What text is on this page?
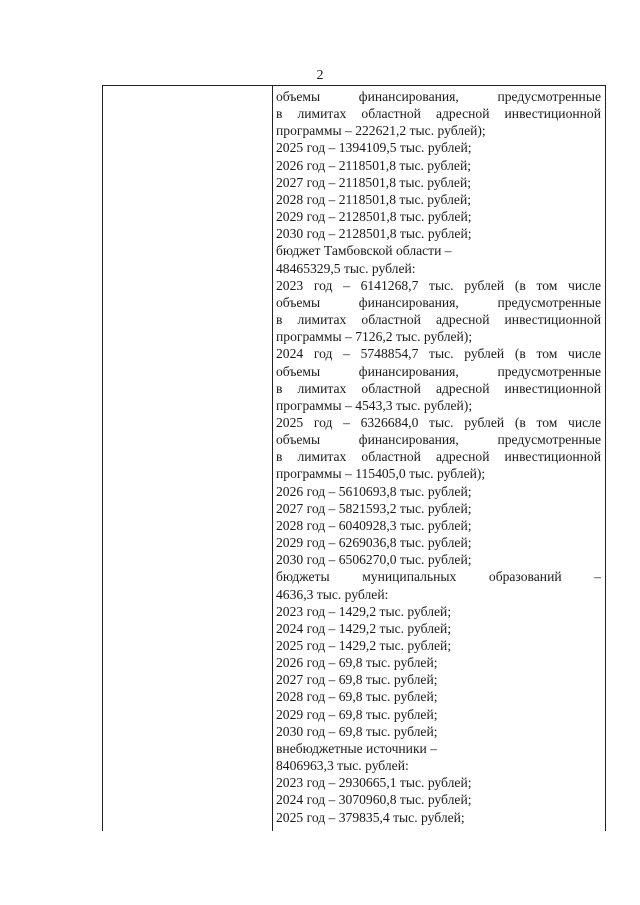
2
объемы финансирования, предусмотренные
в лимитах областной адресной инвестиционной
программы – 222621,2 тыс. рублей);
2025 год – 1394109,5 тыс. рублей;
2026 год – 2118501,8 тыс. рублей;
2027 год – 2118501,8 тыс. рублей;
2028 год – 2118501,8 тыс. рублей;
2029 год – 2128501,8 тыс. рублей;
2030 год – 2128501,8 тыс. рублей;
бюджет Тамбовской области –
48465329,5 тыс. рублей:
2023 год – 6141268,7 тыс. рублей (в том числе
объемы финансирования, предусмотренные
в лимитах областной адресной инвестиционной
программы – 7126,2 тыс. рублей);
2024 год – 5748854,7 тыс. рублей (в том числе
объемы финансирования, предусмотренные
в лимитах областной адресной инвестиционной
программы – 4543,3 тыс. рублей);
2025 год – 6326684,0 тыс. рублей (в том числе
объемы финансирования, предусмотренные
в лимитах областной адресной инвестиционной
программы – 115405,0 тыс. рублей);
2026 год – 5610693,8 тыс. рублей;
2027 год – 5821593,2 тыс. рублей;
2028 год – 6040928,3 тыс. рублей;
2029 год – 6269036,8 тыс. рублей;
2030 год – 6506270,0 тыс. рублей;
бюджеты муниципальных образований –
4636,3 тыс. рублей:
2023 год – 1429,2 тыс. рублей;
2024 год – 1429,2 тыс. рублей;
2025 год – 1429,2 тыс. рублей;
2026 год – 69,8 тыс. рублей;
2027 год – 69,8 тыс. рублей;
2028 год – 69,8 тыс. рублей;
2029 год – 69,8 тыс. рублей;
2030 год – 69,8 тыс. рублей;
внебюджетные источники –
8406963,3 тыс. рублей:
2023 год – 2930665,1 тыс. рублей;
2024 год – 3070960,8 тыс. рублей;
2025 год – 379835,4 тыс. рублей;
